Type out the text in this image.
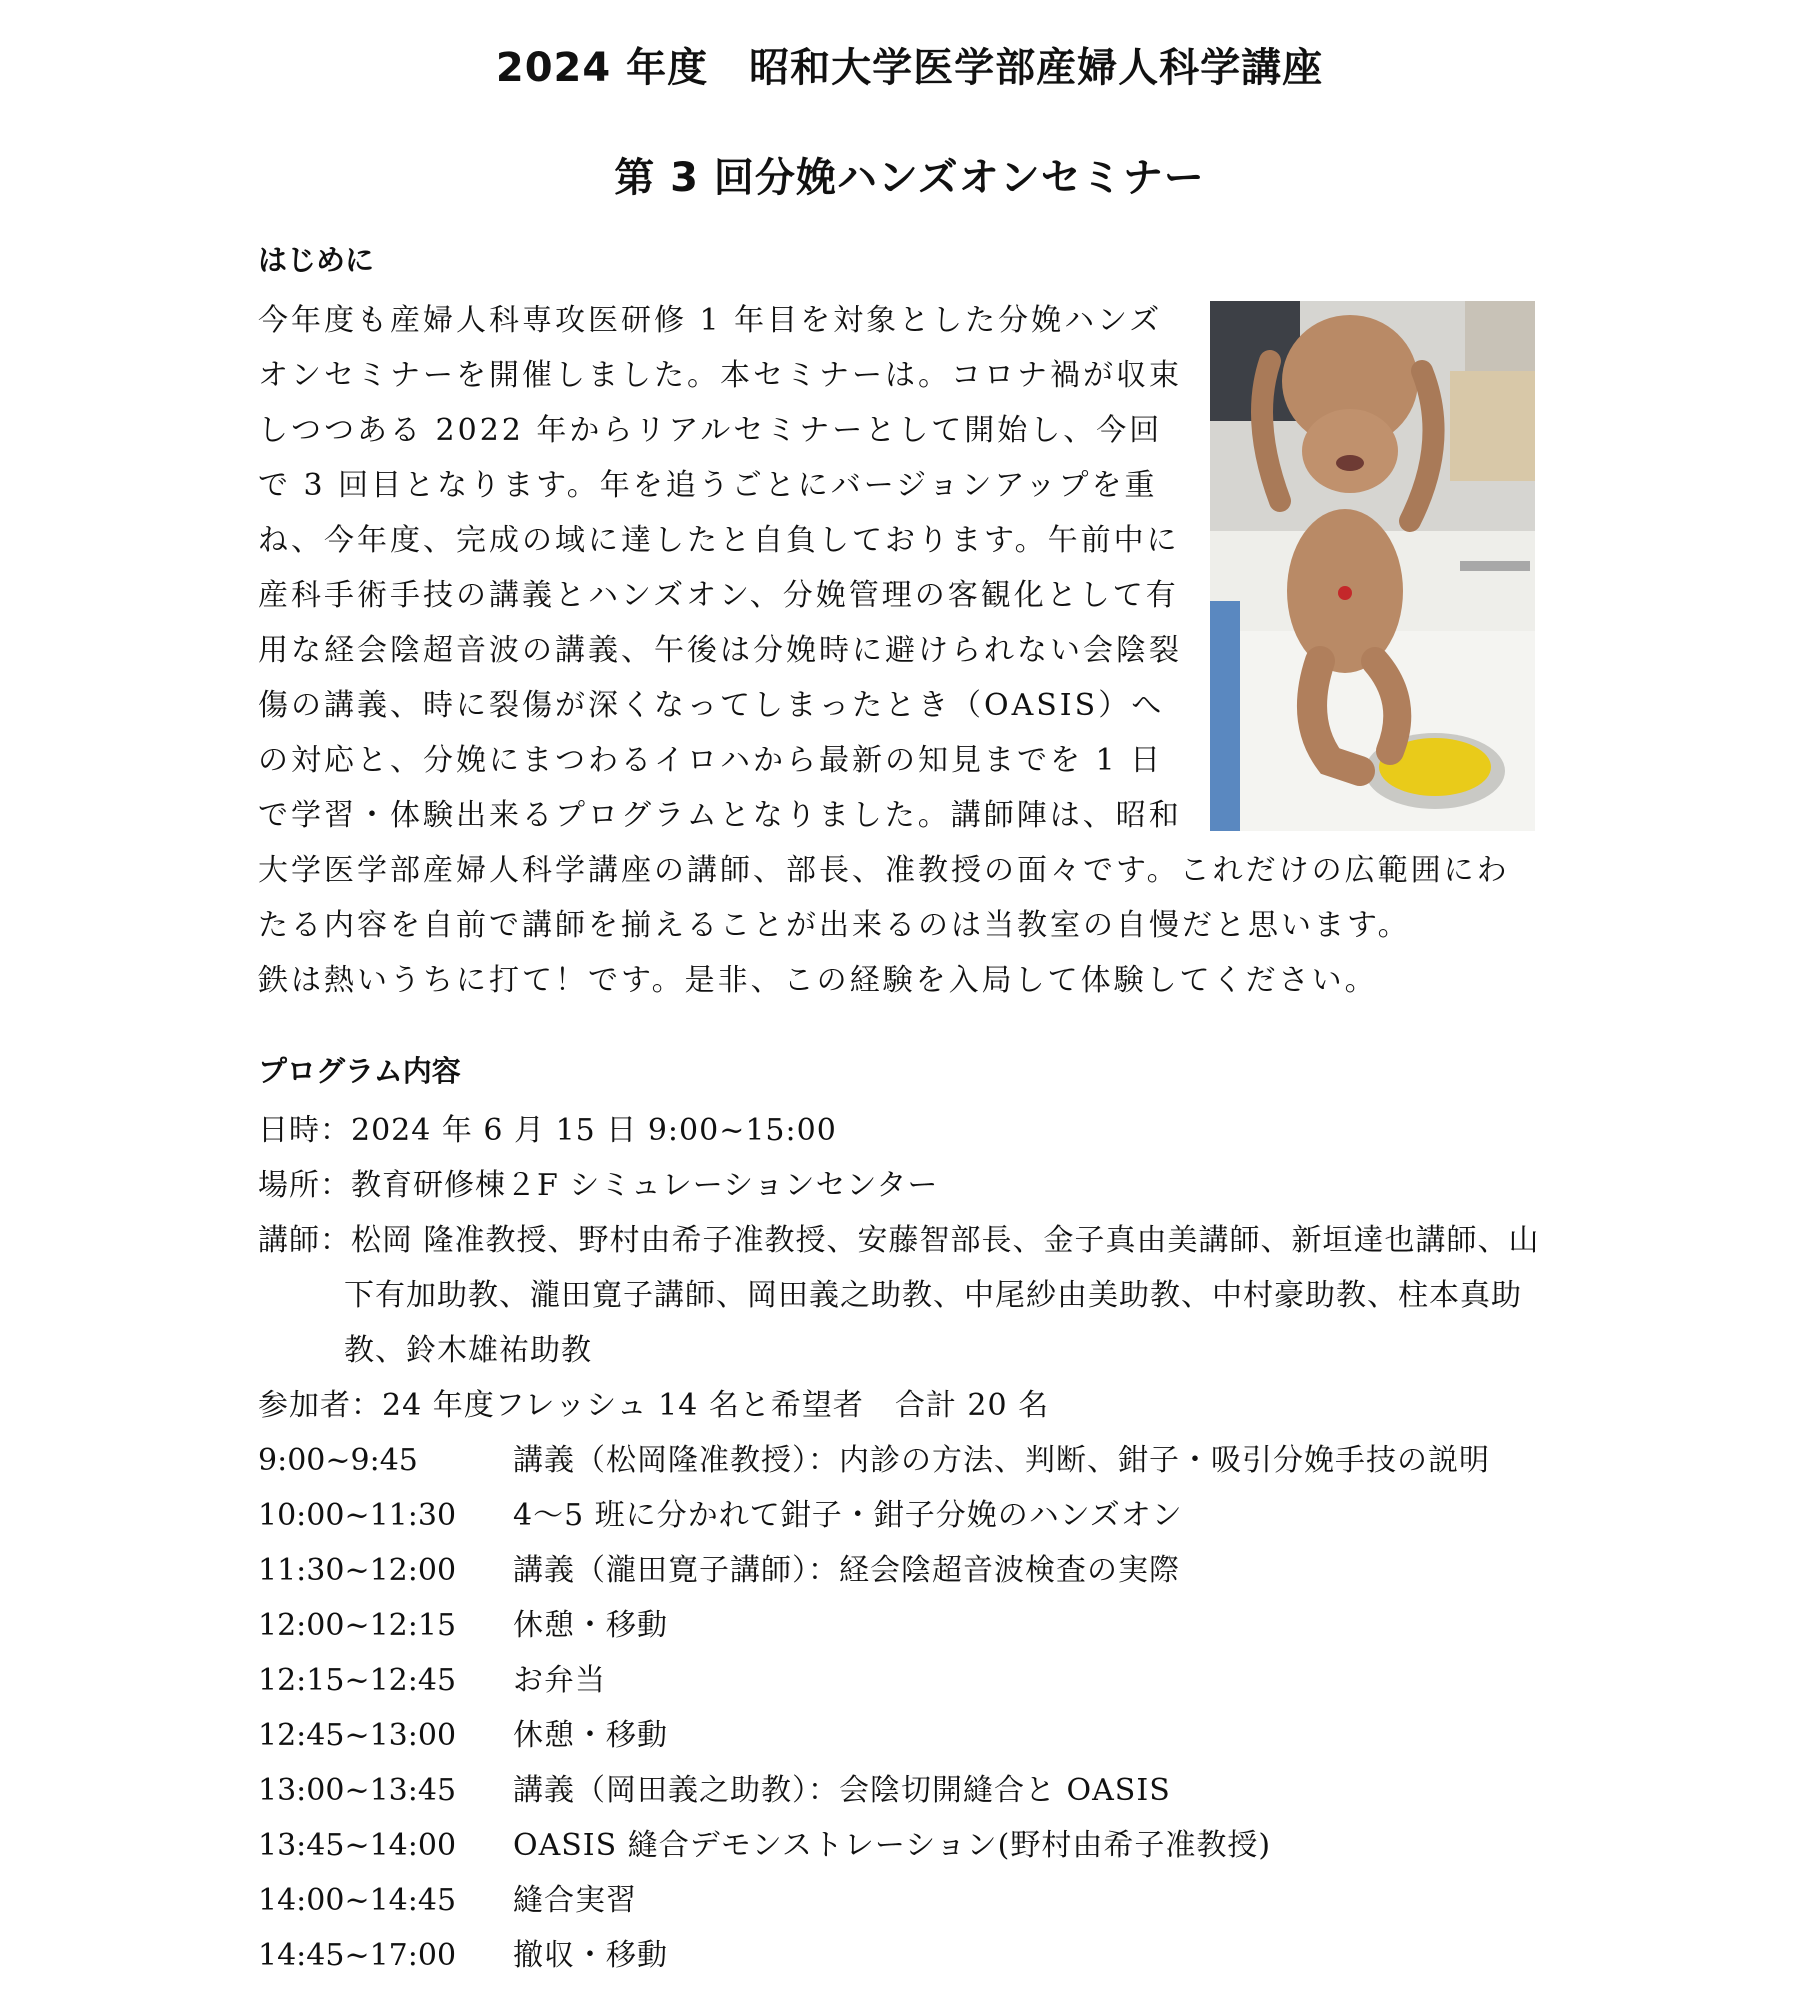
2024 年度　昭和大学医学部産婦人科学講座
第 3 回分娩ハンズオンセミナー
はじめに

今年度も産婦人科専攻医研修 1 年目を対象とした分娩ハンズオンセミナーを開催しました。本セミナーは。コロナ禍が収束しつつある 2022 年からリアルセミナーとして開始し、今回で 3 回目となります。年を追うごとにバージョンアップを重ね、今年度、完成の域に達したと自負しております。午前中に産科手術手技の講義とハンズオン、分娩管理の客観化として有用な経会陰超音波の講義、午後は分娩時に避けられない会陰裂傷の講義、時に裂傷が深くなってしまったとき（OASIS）への対応と、分娩にまつわるイロハから最新の知見までを 1 日で学習・体験出来るプログラムとなりました。講師陣は、昭和大学医学部産婦人科学講座の講師、部長、准教授の面々です。これだけの広範囲にわたる内容を自前で講師を揃えることが出来るのは当教室の自慢だと思います。

鉄は熱いうちに打て！です。是非、この経験を入局して体験してください。

プログラム内容
日時：2024 年 6 月 15 日 9:00~15:00
場所：教育研修棟２F シミュレーションセンター
講師：松岡 隆准教授、野村由希子准教授、安藤智部長、金子真由美講師、新垣達也講師、山下有加助教、瀧田寛子講師、岡田義之助教、中尾紗由美助教、中村豪助教、柱本真助教、鈴木雄祐助教
参加者：24 年度フレッシュ 14 名と希望者　合計 20 名
9:00~9:45	講義（松岡隆准教授）：内診の方法、判断、鉗子・吸引分娩手技の説明
10:00~11:30	4～5 班に分かれて鉗子・鉗子分娩のハンズオン
11:30~12:00	講義（瀧田寛子講師）：経会陰超音波検査の実際
12:00~12:15	休憩・移動
12:15~12:45	お弁当
12:45~13:00	休憩・移動
13:00~13:45	講義（岡田義之助教）：会陰切開縫合と OASIS
13:45~14:00	OASIS 縫合デモンストレーション(野村由希子准教授)
14:00~14:45	縫合実習
14:45~17:00	撤収・移動
